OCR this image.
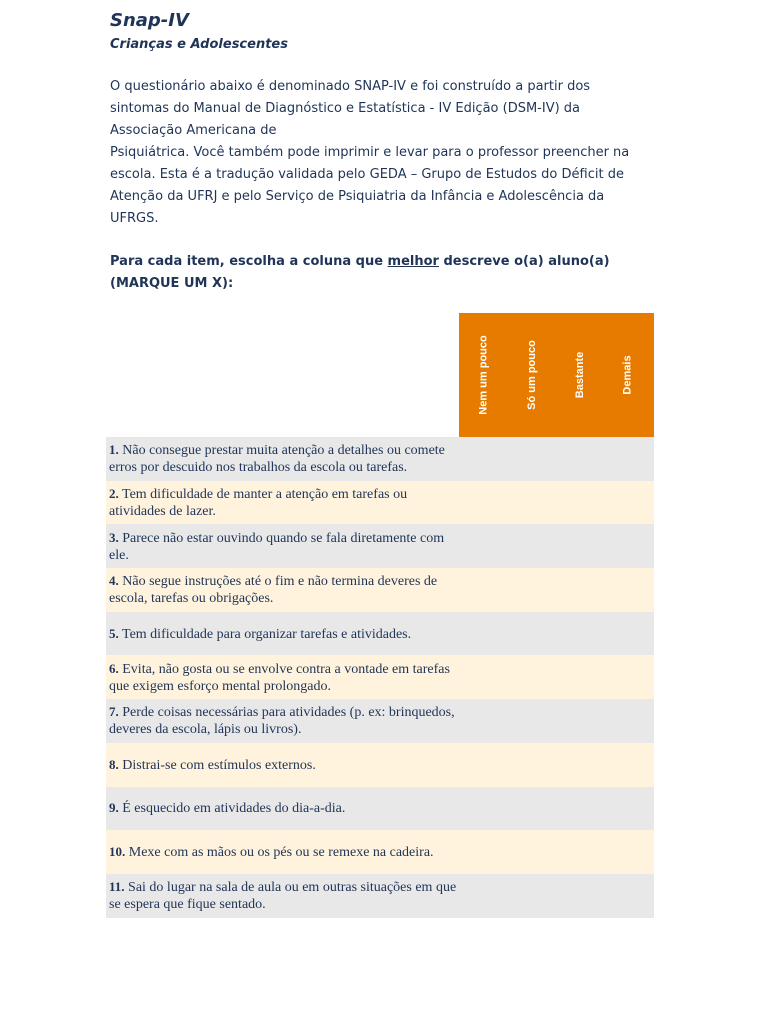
Snap-IV
Crianças e Adolescentes
O questionário abaixo é denominado SNAP-IV e foi construído a partir dos
sintomas do Manual de Diagnóstico e Estatística - IV Edição (DSM-IV) da
Associação Americana de
Psiquiátrica. Você também pode imprimir e levar para o professor preencher na
escola. Esta é a tradução validada pelo GEDA – Grupo de Estudos do Déficit de
Atenção da UFRJ e pelo Serviço de Psiquiatria da Infância e Adolescência da
UFRGS.
Para cada item, escolha a coluna que melhor descreve o(a) aluno(a)
(MARQUE UM X):
Nem um pouco	Só um pouco	Bastante	Demais
1. Não consegue prestar muita atenção a detalhes ou comete erros por descuido nos trabalhos da escola ou tarefas.
2. Tem dificuldade de manter a atenção em tarefas ou atividades de lazer.
3. Parece não estar ouvindo quando se fala diretamente com ele.
4. Não segue instruções até o fim e não termina deveres de escola, tarefas ou obrigações.
5. Tem dificuldade para organizar tarefas e atividades.
6. Evita, não gosta ou se envolve contra a vontade em tarefas que exigem esforço mental prolongado.
7. Perde coisas necessárias para atividades (p. ex: brinquedos, deveres da escola, lápis ou livros).
8. Distrai-se com estímulos externos.
9. É esquecido em atividades do dia-a-dia.
10. Mexe com as mãos ou os pés ou se remexe na cadeira.
11. Sai do lugar na sala de aula ou em outras situações em que se espera que fique sentado.
